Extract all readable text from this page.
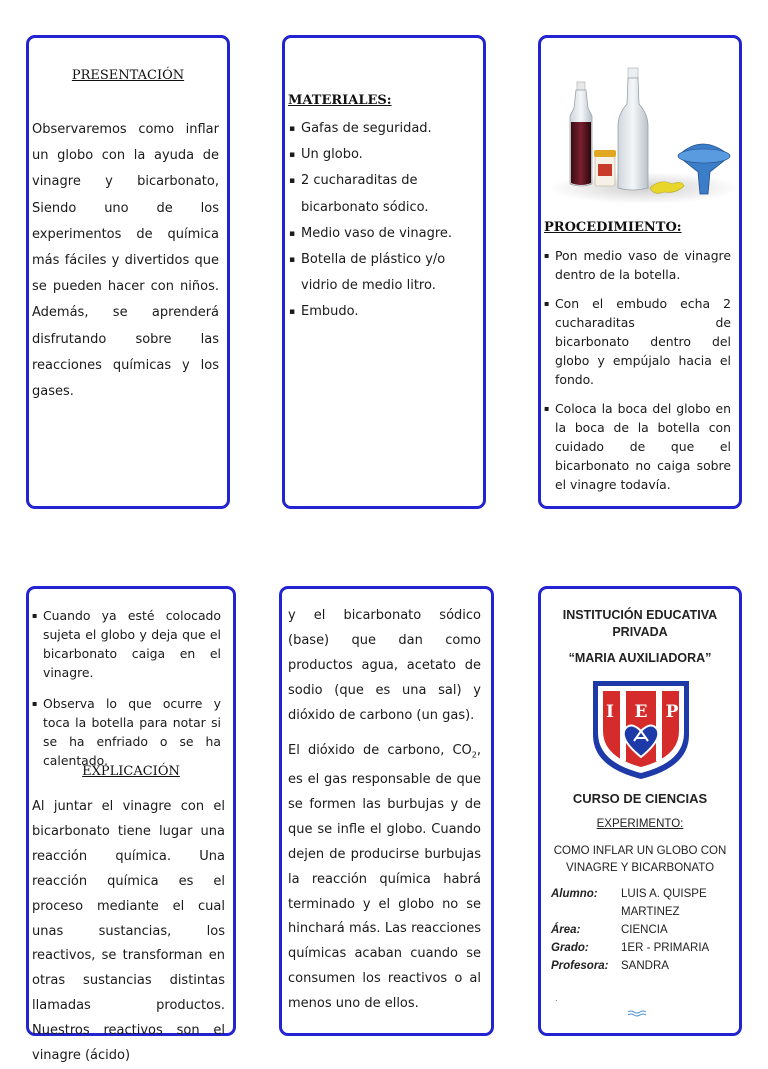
PRESENTACIÓN
Observaremos como inflar un globo con la ayuda de vinagre y bicarbonato, Siendo uno de los experimentos de química más fáciles y divertidos que se pueden hacer con niños. Además, se aprenderá disfrutando sobre las reacciones químicas y los gases.
MATERIALES:
▪ Gafas de seguridad.
▪ Un globo.
▪ 2 cucharaditas de bicarbonato sódico.
▪ Medio vaso de vinagre.
▪ Botella de plástico y/o vidrio de medio litro.
▪ Embudo.
PROCEDIMIENTO:
▪ Pon medio vaso de vinagre dentro de la botella.
▪ Con el embudo echa 2 cucharaditas de bicarbonato dentro del globo y empújalo hacia el fondo.
▪ Coloca la boca del globo en la boca de la botella con cuidado de que el bicarbonato no caiga sobre el vinagre todavía.
▪ Cuando ya esté colocado sujeta el globo y deja que el bicarbonato caiga en el vinagre.
▪ Observa lo que ocurre y toca la botella para notar si se ha enfriado o se ha calentado.
EXPLICACIÓN
Al juntar el vinagre con el bicarbonato tiene lugar una reacción química. Una reacción química es el proceso mediante el cual unas sustancias, los reactivos, se transforman en otras sustancias distintas llamadas productos. Nuestros reactivos son el vinagre (ácido)

y el bicarbonato sódico (base) que dan como productos agua, acetato de sodio (que es una sal) y dióxido de carbono (un gas).

El dióxido de carbono, $CO_2$, es el gas responsable de que se formen las burbujas y de que se infle el globo. Cuando dejen de producirse burbujas la reacción química habrá terminado y el globo no se hinchará más. Las reacciones químicas acaban cuando se consumen los reactivos o al menos uno de ellos.

INSTITUCIÓN EDUCATIVA PRIVADA
“MARIA AUXILIADORA”
I E P
CURSO DE CIENCIAS
EXPERIMENTO:
COMO INFLAR UN GLOBO CON VINAGRE Y BICARBONATO
Alumno:	LUIS A. QUISPE MARTINEZ
Área:	CIENCIA
Grado:	1ER - PRIMARIA
Profesora:	SANDRA
.
